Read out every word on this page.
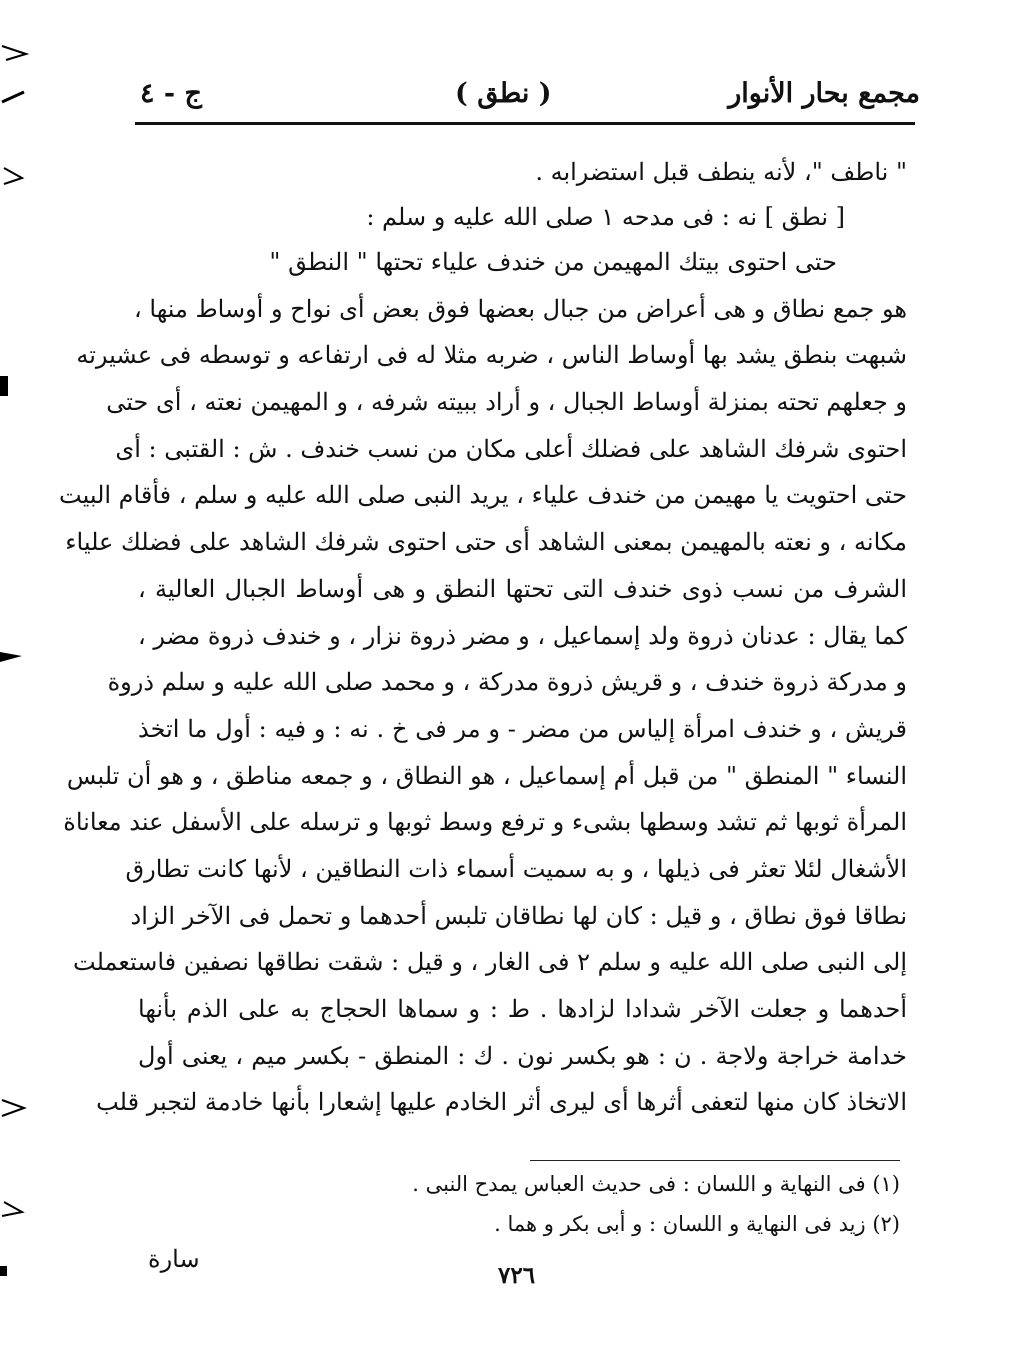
مجمع بحار الأنوار
( نطق )
ج - ٤
" ناطف "، لأنه ينطف قبل استضرابه .
[ نطق ] نه : فى مدحه ١ صلى الله عليه و سلم :
حتى احتوى بيتك المهيمن من خندف علياء تحتها " النطق "
هو جمع نطاق و هى أعراض من جبال بعضها فوق بعض أى نواح و أوساط منها ،
شبهت بنطق يشد بها أوساط الناس ، ضربه مثلا له فى ارتفاعه و توسطه فى عشيرته
و جعلهم تحته بمنزلة أوساط الجبال ، و أراد ببيته شرفه ، و المهيمن نعته ، أى حتى
احتوى شرفك الشاهد على فضلك أعلى مكان من نسب خندف . ش : القتبى : أى
حتى احتويت يا مهيمن من خندف علياء ، يريد النبى صلى الله عليه و سلم ، فأقام البيت
مكانه ، و نعته بالمهيمن بمعنى الشاهد أى حتى احتوى شرفك الشاهد على فضلك علياء
الشرف من نسب ذوى خندف التى تحتها النطق و هى أوساط الجبال العالية ،
كما يقال : عدنان ذروة ولد إسماعيل ، و مضر ذروة نزار ، و خندف ذروة مضر ،
و مدركة ذروة خندف ، و قريش ذروة مدركة ، و محمد صلى الله عليه و سلم ذروة
قريش ، و خندف امرأة إلياس من مضر - و مر فى خ . نه : و فيه : أول ما اتخذ
النساء " المنطق " من قبل أم إسماعيل ، هو النطاق ، و جمعه مناطق ، و هو أن تلبس
المرأة ثوبها ثم تشد وسطها بشىء و ترفع وسط ثوبها و ترسله على الأسفل عند معاناة
الأشغال لئلا تعثر فى ذيلها ، و به سميت أسماء ذات النطاقين ، لأنها كانت تطارق
نطاقا فوق نطاق ، و قيل : كان لها نطاقان تلبس أحدهما و تحمل فى الآخر الزاد
إلى النبى صلى الله عليه و سلم ٢ فى الغار ، و قيل : شقت نطاقها نصفين فاستعملت
أحدهما و جعلت الآخر شدادا لزادها . ط : و سماها الحجاج به على الذم بأنها
خدامة خراجة ولاجة . ن : هو بكسر نون . ك : المنطق - بكسر ميم ، يعنى أول
الاتخاذ كان منها لتعفى أثرها أى ليرى أثر الخادم عليها إشعارا بأنها خادمة لتجبر قلب
(١) فى النهاية و اللسان : فى حديث العباس يمدح النبى .
(٢) زيد فى النهاية و اللسان : و أبى بكر و هما .
٧٢٦
سارة
